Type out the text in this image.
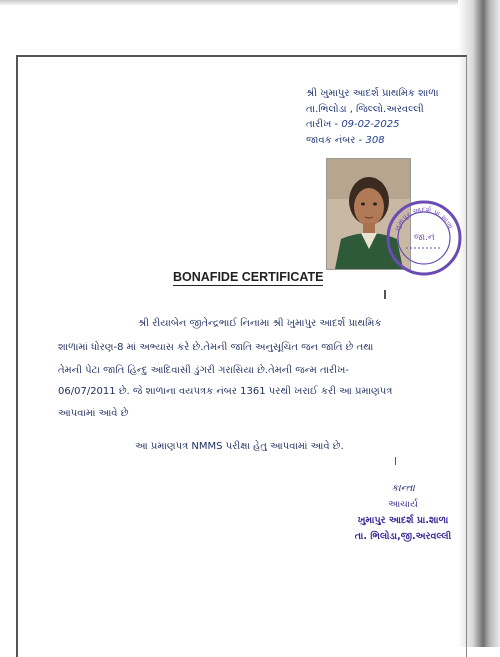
શ્રી ખુમાપુર આદર્શ પ્રાથમિક શાળા
તા.ભિલોડા , જિલ્લો.અરવલ્લી
તારીખ - 09-02-2025
જાવક નંબર - 308
ખુમાપુર આદર્શ પ્રા.શાળા
જા.નં
BONAFIDE CERTIFICATE
શ્રી રીયાબેન જીતેન્દ્રભાઈ નિનામા શ્રી ખુમાપુર આદર્શ પ્રાથમિક
શાળામાં ધોરણ-8 માં અભ્યાસ કરે છે.તેમની જાતિ અનુસૂચિત જન જાતિ છે તથા
તેમની પેટા જાતિ હિન્દુ આદિવાસી ડુંગરી ગરાસિયા છે.તેમની જન્મ તારીખ-
06/07/2011 છે. જે શાળાના વયપત્રક નંબર 1361 પરથી ખરાઈ કરી આ પ્રમાણપત્ર
આપવામાં આવે છે
આ પ્રમાણપત્ર NMMS પરીક્ષા હેતુ આપવામાં આવે છે.
કાન્તા
આચાર્ય
ખુમાપુર આદર્શ પ્રા.શાળા
તા. ભિલોડા,જી.અરવલ્લી
